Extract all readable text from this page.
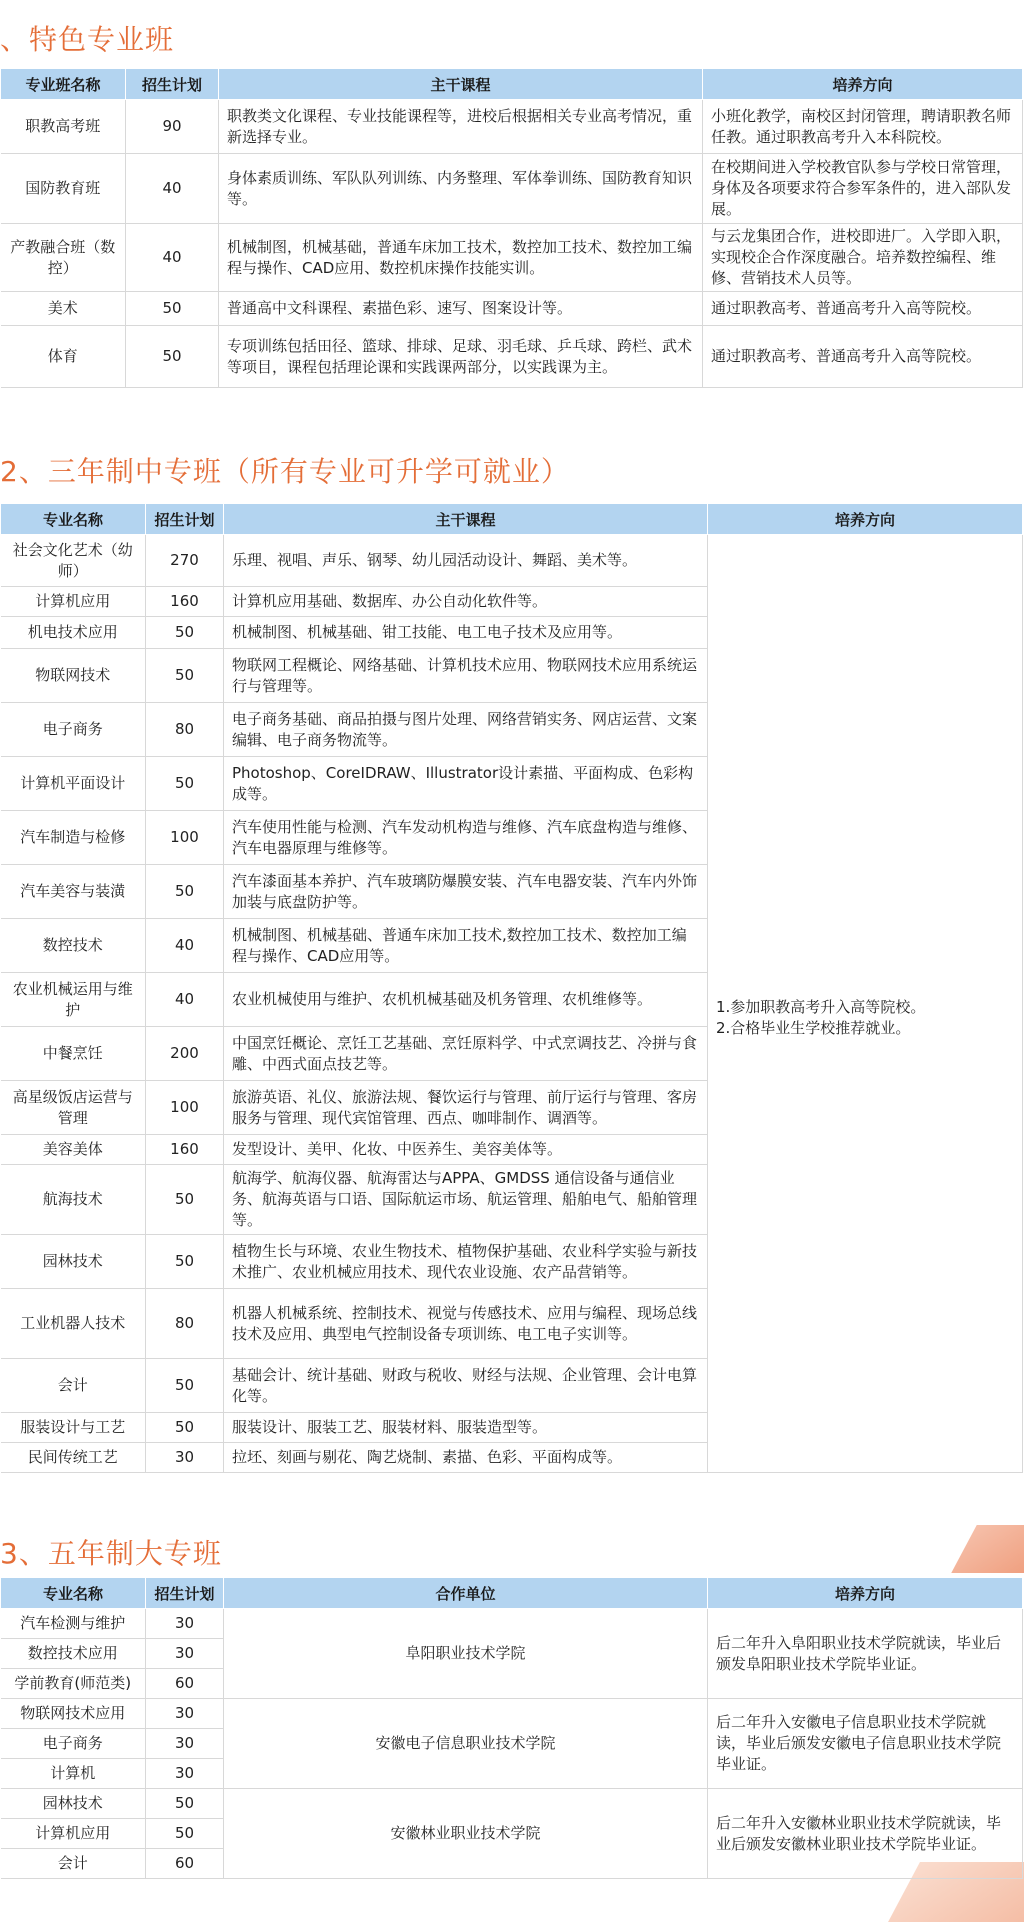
、特色专业班
专业班名称	招生计划	主干课程	培养方向
职教高考班	90	职教类文化课程、专业技能课程等，进校后根据相关专业高考情况，重新选择专业。	小班化教学，南校区封闭管理，聘请职教名师任教。通过职教高考升入本科院校。
国防教育班	40	身体素质训练、军队队列训练、内务整理、军体拳训练、国防教育知识等。	在校期间进入学校教官队参与学校日常管理，身体及各项要求符合参军条件的，进入部队发展。
产教融合班（数控）	40	机械制图，机械基础，普通车床加工技术，数控加工技术、数控加工编程与操作、CAD应用、数控机床操作技能实训。	与云龙集团合作，进校即进厂。入学即入职，实现校企合作深度融合。培养数控编程、维修、营销技术人员等。
美术	50	普通高中文科课程、素描色彩、速写、图案设计等。	通过职教高考、普通高考升入高等院校。
体育	50	专项训练包括田径、篮球、排球、足球、羽毛球、乒乓球、跨栏、武术等项目，课程包括理论课和实践课两部分，以实践课为主。	通过职教高考、普通高考升入高等院校。
2、三年制中专班（所有专业可升学可就业）
专业名称	招生计划	主干课程	培养方向
社会文化艺术（幼师）	270	乐理、视唱、声乐、钢琴、幼儿园活动设计、舞蹈、美术等。	1.参加职教高考升入高等院校。
2.合格毕业生学校推荐就业。

计算机应用	160	计算机应用基础、数据库、办公自动化软件等。	
机电技术应用	50	机械制图、机械基础、钳工技能、电工电子技术及应用等。	
物联网技术	50	物联网工程概论、网络基础、计算机技术应用、物联网技术应用系统运行与管理等。	
电子商务	80	电子商务基础、商品拍摄与图片处理、网络营销实务、网店运营、文案编辑、电子商务物流等。	
计算机平面设计	50	Photoshop、CoreIDRAW、Illustrator设计素描、平面构成、色彩构成等。	
汽车制造与检修	100	汽车使用性能与检测、汽车发动机构造与维修、汽车底盘构造与维修、汽车电器原理与维修等。	
汽车美容与装潢	50	汽车漆面基本养护、汽车玻璃防爆膜安装、汽车电器安装、汽车内外饰加装与底盘防护等。	
数控技术	40	机械制图、机械基础、普通车床加工技术,数控加工技术、数控加工编程与操作、CAD应用等。	
农业机械运用与维护	40	农业机械使用与维护、农机机械基础及机务管理、农机维修等。	
中餐烹饪	200	中国烹饪概论、烹饪工艺基础、烹饪原料学、中式烹调技艺、冷拼与食雕、中西式面点技艺等。	
高星级饭店运营与管理	100	旅游英语、礼仪、旅游法规、餐饮运行与管理、前厅运行与管理、客房服务与管理、现代宾馆管理、西点、咖啡制作、调酒等。	
美容美体	160	发型设计、美甲、化妆、中医养生、美容美体等。	
航海技术	50	航海学、航海仪器、航海雷达与APPA、GMDSS 通信设备与通信业务、航海英语与口语、国际航运市场、航运管理、船舶电气、船舶管理等。	
园林技术	50	植物生长与环境、农业生物技术、植物保护基础、农业科学实验与新技术推广、农业机械应用技术、现代农业设施、农产品营销等。	
工业机器人技术	80	机器人机械系统、控制技术、视觉与传感技术、应用与编程、现场总线技术及应用、典型电气控制设备专项训练、电工电子实训等。	
会计	50	基础会计、统计基础、财政与税收、财经与法规、企业管理、会计电算化等。	
服装设计与工艺	50	服装设计、服装工艺、服装材料、服装造型等。	
民间传统工艺	30	拉坯、刻画与剔花、陶艺烧制、素描、色彩、平面构成等。	
3、五年制大专班
专业名称	招生计划	合作单位	培养方向
汽车检测与维护	30	阜阳职业技术学院	后二年升入阜阳职业技术学院就读，毕业后颁发阜阳职业技术学院毕业证。
数控技术应用	30		
学前教育(师范类)	60		
物联网技术应用	30	安徽电子信息职业技术学院	后二年升入安徽电子信息职业技术学院就读，毕业后颁发安徽电子信息职业技术学院毕业证。
电子商务	30		
计算机	30		
园林技术	50	安徽林业职业技术学院	后二年升入安徽林业职业技术学院就读，毕业后颁发安徽林业职业技术学院毕业证。
计算机应用	50		
会计	60		
